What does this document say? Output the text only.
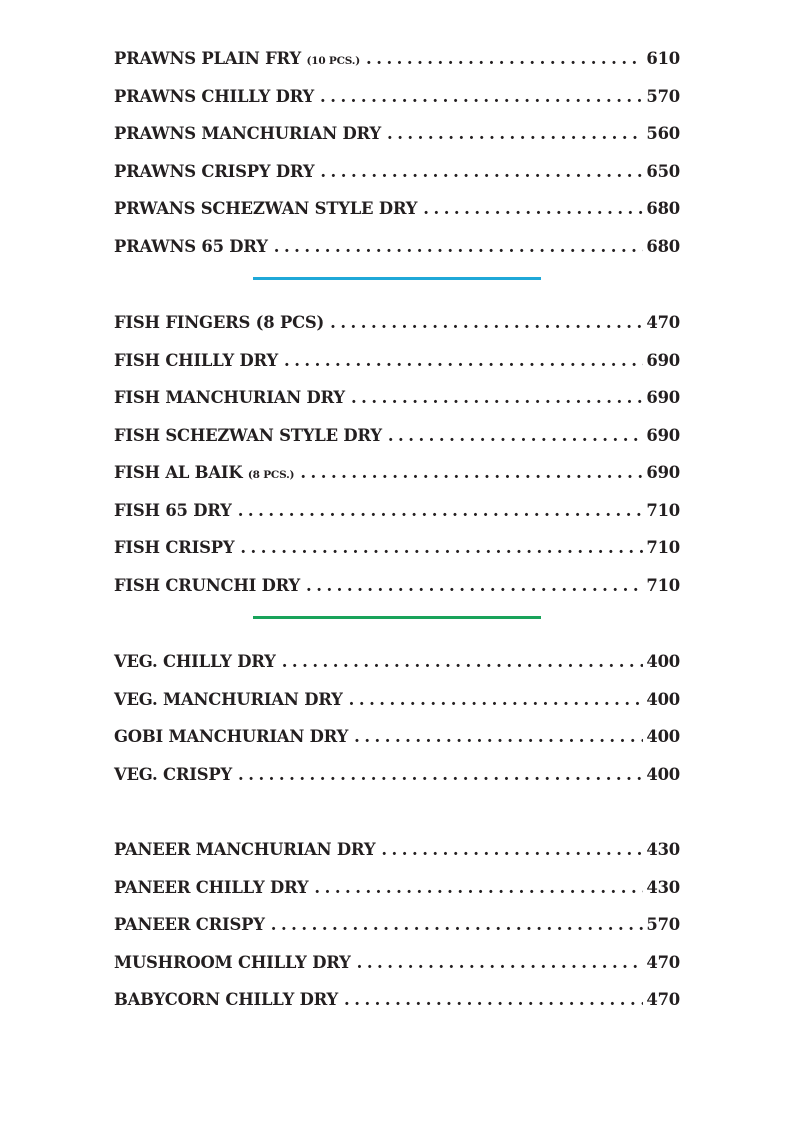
PRAWNS PLAIN FRY (10 PCS.) . . .	610
PRAWNS CHILLY DRY . . .	570
PRAWNS MANCHURIAN DRY . . .	560
PRAWNS CRISPY DRY . . .	650
PRWANS SCHEZWAN STYLE DRY . . .	680
PRAWNS 65 DRY . . .	680
FISH FINGERS (8 PCS) . . .	470
FISH CHILLY DRY . . .	690
FISH MANCHURIAN DRY . . .	690
FISH SCHEZWAN STYLE DRY . . .	690
FISH AL BAIK (8 PCS.) . . .	690
FISH 65 DRY . . .	710
FISH CRISPY . . .	710
FISH CRUNCHI DRY . . .	710
VEG. CHILLY DRY . . .	400
VEG. MANCHURIAN DRY . . .	400
GOBI MANCHURIAN DRY . . .	400
VEG. CRISPY . . .	400
PANEER MANCHURIAN DRY . . .	430
PANEER CHILLY DRY . . .	430
PANEER CRISPY . . .	570
MUSHROOM CHILLY DRY . . .	470
BABYCORN CHILLY DRY . . .	470
